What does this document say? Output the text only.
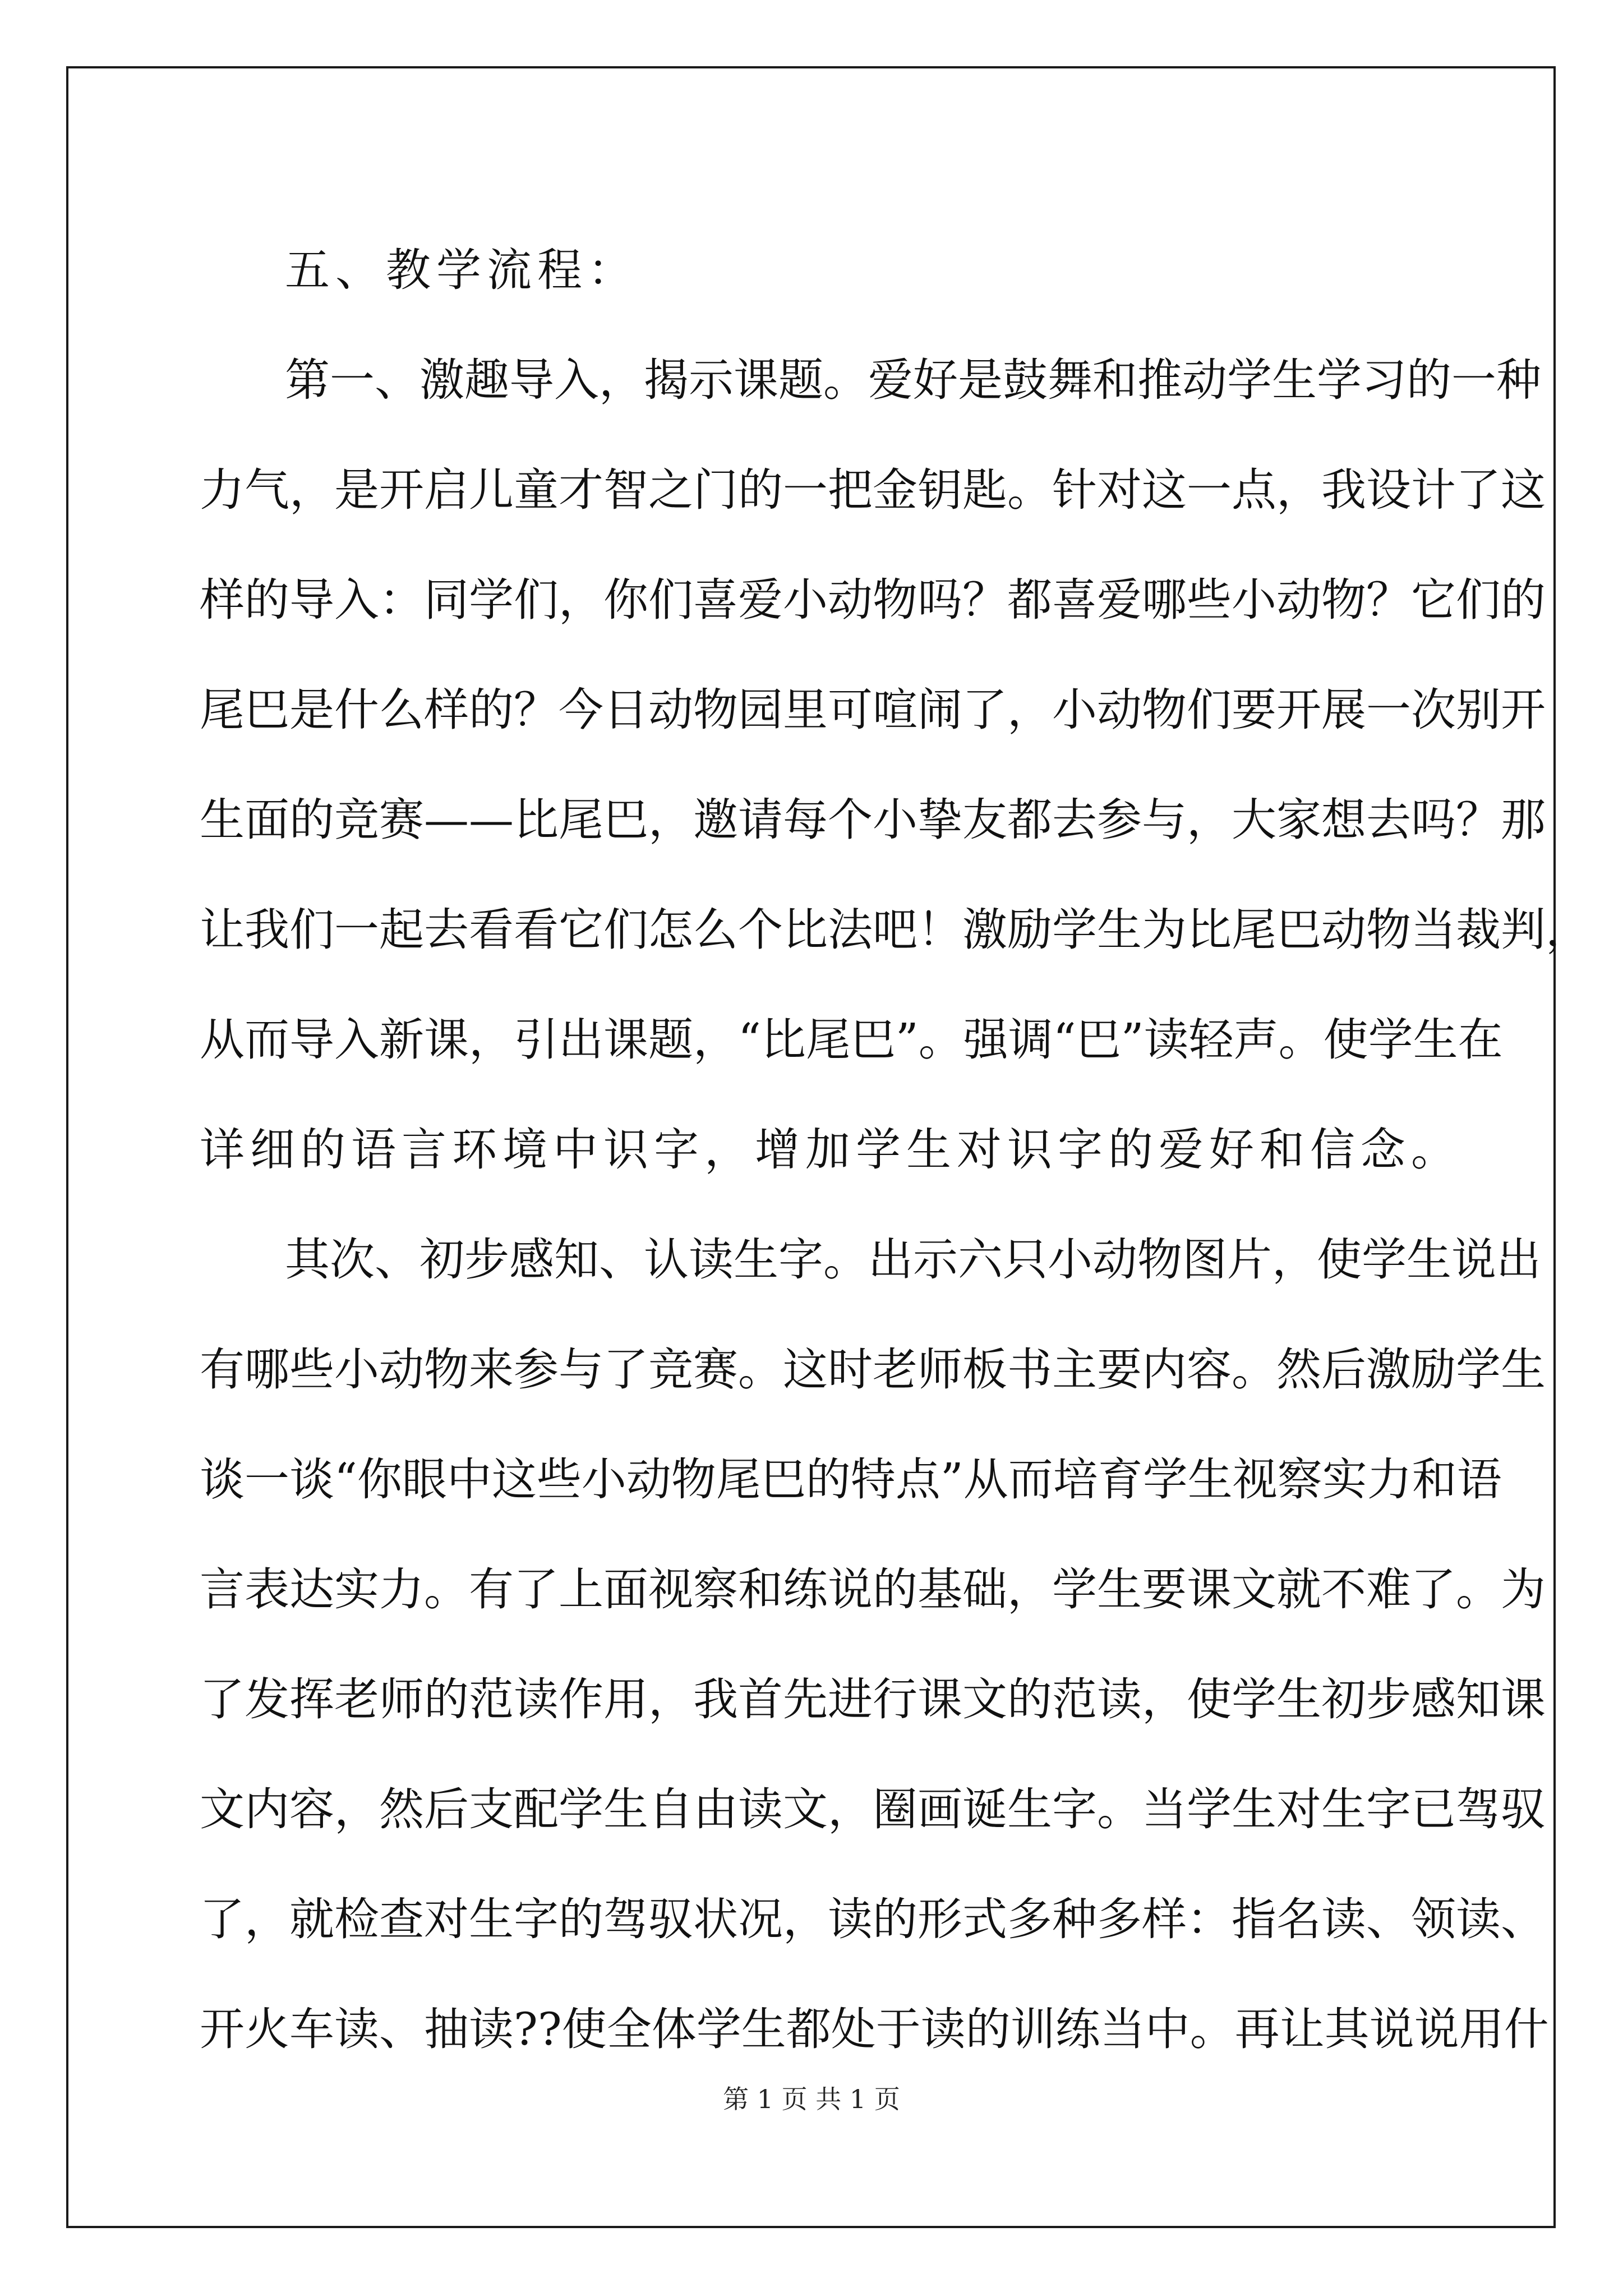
五、教学流程：
第一、激趣导入，揭示课题。爱好是鼓舞和推动学生学习的一种
力气，是开启儿童才智之门的一把金钥匙。针对这一点，我设计了这
样的导入：同学们，你们喜爱小动物吗？都喜爱哪些小动物？它们的
尾巴是什么样的？今日动物园里可喧闹了，小动物们要开展一次别开
生面的竞赛——比尾巴，邀请每个小挚友都去参与，大家想去吗？那
让我们一起去看看它们怎么个比法吧！激励学生为比尾巴动物当裁判，
从而导入新课，引出课题，“比尾巴”。强调“巴”读轻声。使学生在
详细的语言环境中识字，增加学生对识字的爱好和信念。
其次、初步感知、认读生字。出示六只小动物图片，使学生说出
有哪些小动物来参与了竞赛。这时老师板书主要内容。然后激励学生
谈一谈“你眼中这些小动物尾巴的特点”从而培育学生视察实力和语
言表达实力。有了上面视察和练说的基础，学生要课文就不难了。为
了发挥老师的范读作用，我首先进行课文的范读，使学生初步感知课
文内容，然后支配学生自由读文，圈画诞生字。当学生对生字已驾驭
了，就检查对生字的驾驭状况，读的形式多种多样：指名读、领读、
开火车读、抽读??使全体学生都处于读的训练当中。再让其说说用什
第 1 页 共 1 页
